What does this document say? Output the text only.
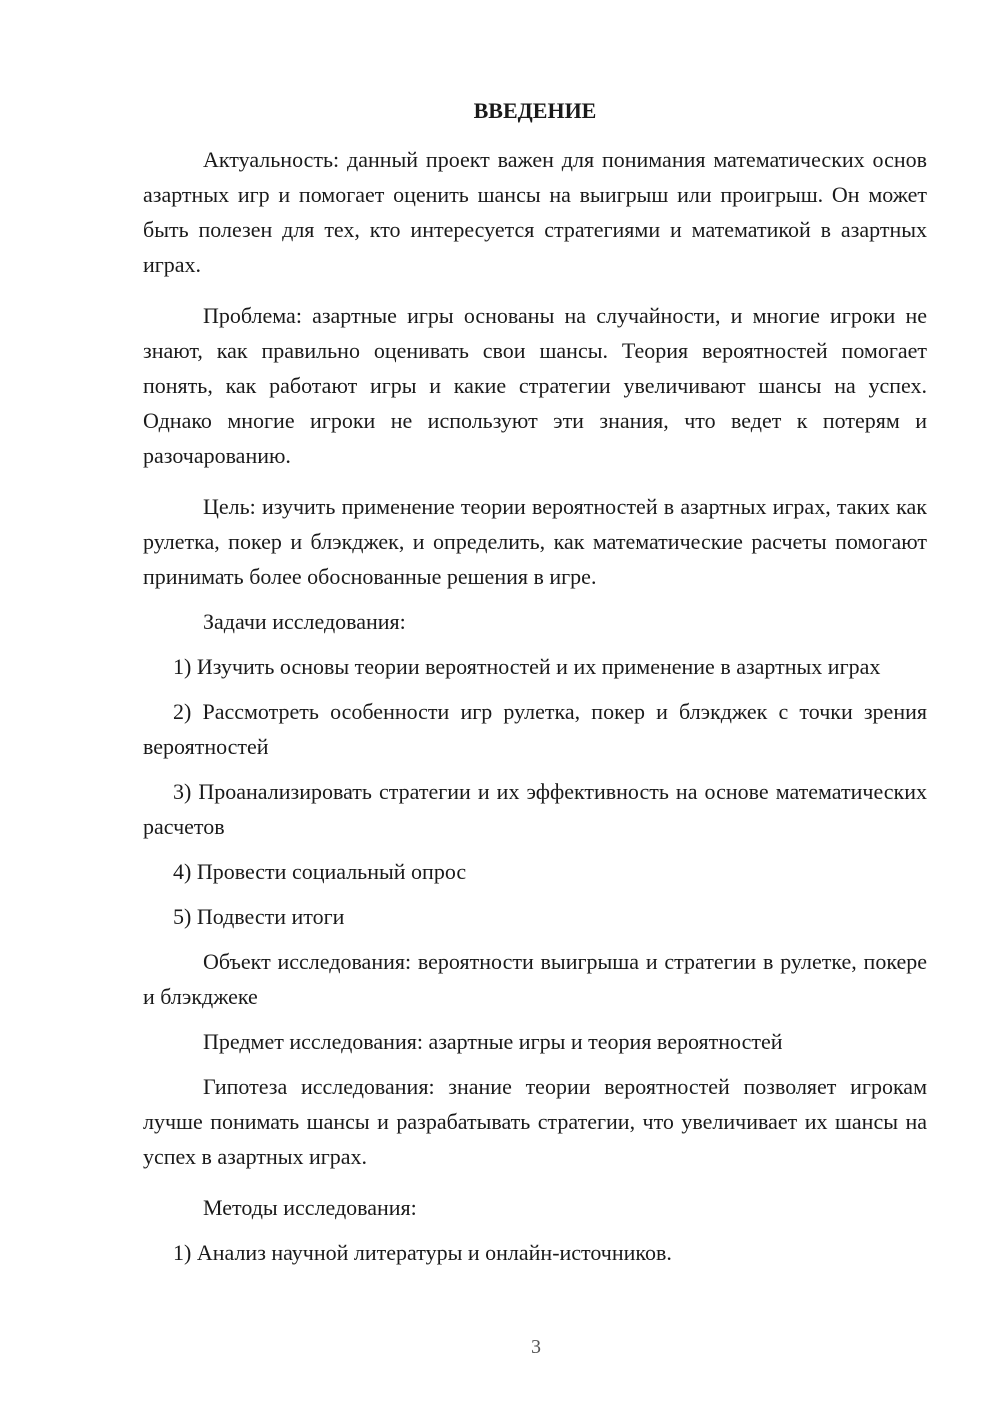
ВВЕДЕНИЕ

Актуальность: данный проект важен для понимания математических основ азартных игр и помогает оценить шансы на выигрыш или проигрыш. Он может быть полезен для тех, кто интересуется стратегиями и математикой в азартных играх.

Проблема: азартные игры основаны на случайности, и многие игроки не знают, как правильно оценивать свои шансы. Теория вероятностей помогает понять, как работают игры и какие стратегии увеличивают шансы на успех. Однако многие игроки не используют эти знания, что ведет к потерям и разочарованию.

Цель: изучить применение теории вероятностей в азартных играх, таких как рулетка, покер и блэкджек, и определить, как математические расчеты помогают принимать более обоснованные решения в игре.

Задачи исследования:

1) Изучить основы теории вероятностей и их применение в азартных играх

2) Рассмотреть особенности игр рулетка, покер и блэкджек с точки зрения вероятностей

3) Проанализировать стратегии и их эффективность на основе математических расчетов

4) Провести социальный опрос

5) Подвести итоги

Объект исследования: вероятности выигрыша и стратегии в рулетке, покере и блэкджеке

Предмет исследования: азартные игры и теория вероятностей

Гипотеза исследования: знание теории вероятностей позволяет игрокам лучше понимать шансы и разрабатывать стратегии, что увеличивает их шансы на успех в азартных играх.

Методы исследования:

1) Анализ научной литературы и онлайн-источников.

3
